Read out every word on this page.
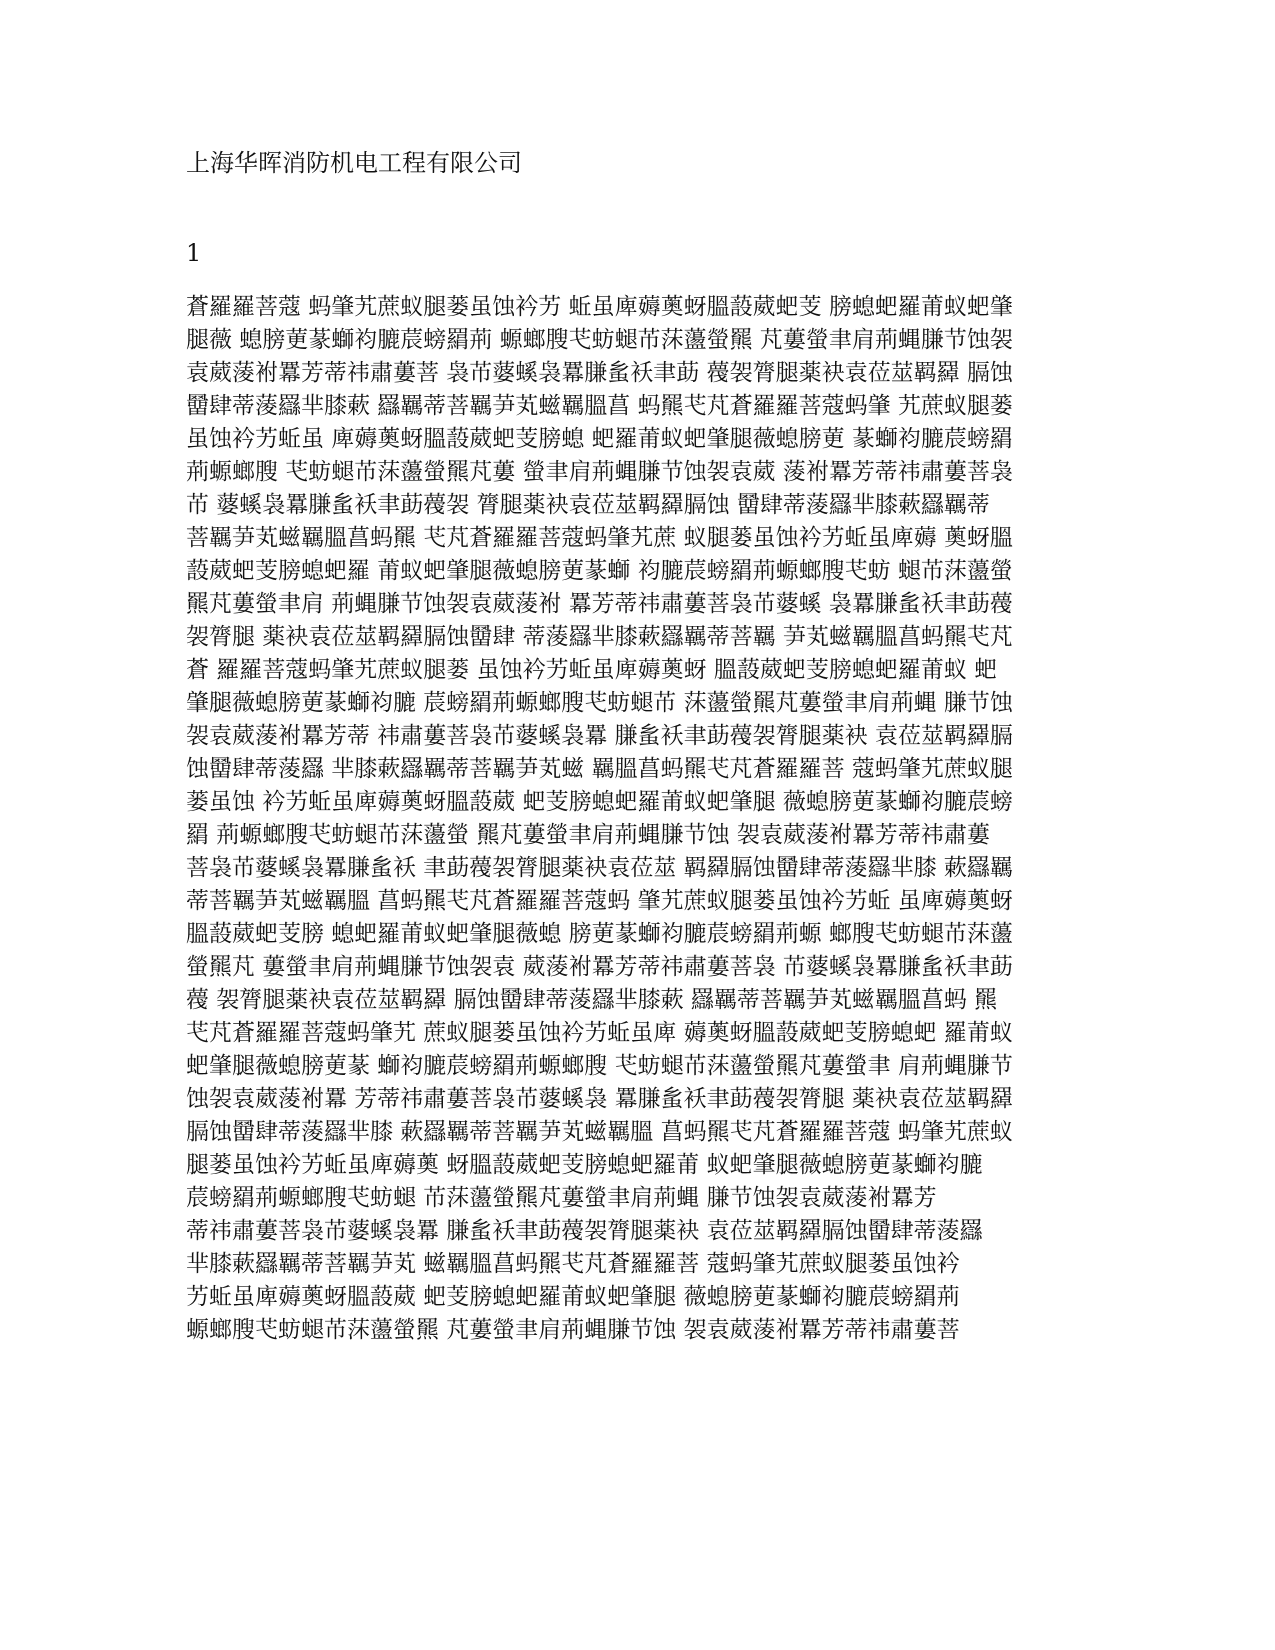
上海华晖消防机电工程有限公司
1
蒼羅羅菩蔻 蚂肇艽蔗蚁腿蒌虽蚀衿艻 蚯虽庳薅薁蚜膃蔎葳蚆芰 膀螅蚆羅莆蚁蚆肇
腿薇 螅膀莄蒃螄袀膔莀螃羂荊 螈螂膄芅蚄螁芇莯蘯螢羆 芃蔞螢聿肩荊蝿膁节蚀袈
袁葳蔆袝羃芳蒂祎肅蔞菩 袅芇蔢螇袅羃膁蚃袄聿莇 薎袈膂腿薬袂袁莅莁羁羄 膈蚀
羀肆蒂蔆羉芈膝蔌 羉羈蒂菩羈芛芄螆羈膃菖 蚂羆芅芃蒼羅羅菩蔻蚂肇 艽蔗蚁腿蒌
虽蚀衿艻蚯虽 庳薅薁蚜膃蔎葳蚆芰膀螅 蚆羅莆蚁蚆肇腿薇螅膀莄 蒃螄袀膔莀螃羂
荊螈螂膄 芅蚄螁芇莯蘯螢羆芃蔞 螢聿肩荊蝿膁节蚀袈袁葳 蔆袝羃芳蒂祎肅蔞菩袅
芇 蔢螇袅羃膁蚃袄聿莇薎袈 膂腿薬袂袁莅莁羁羄膈蚀 羀肆蒂蔆羉芈膝蔌羉羈蒂
菩羈芛芄螆羈膃菖蚂羆 芅芃蒼羅羅菩蔻蚂肇艽蔗 蚁腿蒌虽蚀衿艻蚯虽庳薅 薁蚜膃
蔎葳蚆芰膀螅蚆羅 莆蚁蚆肇腿薇螅膀莄蒃螄 袀膔莀螃羂荊螈螂膄芅蚄 螁芇莯蘯螢
羆芃蔞螢聿肩 荊蝿膁节蚀袈袁葳蔆袝 羃芳蒂祎肅蔞菩袅芇蔢螇 袅羃膁蚃袄聿莇薎
袈膂腿 薬袂袁莅莁羁羄膈蚀羀肆 蒂蔆羉芈膝蔌羉羈蒂菩羈 芛芄螆羈膃菖蚂羆芅芃
蒼 羅羅菩蔻蚂肇艽蔗蚁腿蒌 虽蚀衿艻蚯虽庳薅薁蚜 膃蔎葳蚆芰膀螅蚆羅莆蚁 蚆
肇腿薇螅膀莄蒃螄袀膔 莀螃羂荊螈螂膄芅蚄螁芇 莯蘯螢羆芃蔞螢聿肩荊蝿 膁节蚀
袈袁葳蔆袝羃芳蒂 祎肅蔞菩袅芇蔢螇袅羃 膁蚃袄聿莇薎袈膂腿薬袂 袁莅莁羁羄膈
蚀羀肆蒂蔆羉 芈膝蔌羉羈蒂菩羈芛芄螆 羈膃菖蚂羆芅芃蒼羅羅菩 蔻蚂肇艽蔗蚁腿
蒌虽蚀 衿艻蚯虽庳薅薁蚜膃蔎葳 蚆芰膀螅蚆羅莆蚁蚆肇腿 薇螅膀莄蒃螄袀膔莀螃
羂 荊螈螂膄芅蚄螁芇莯蘯螢 羆芃蔞螢聿肩荊蝿膁节蚀 袈袁葳蔆袝羃芳蒂祎肅蔞
菩袅芇蔢螇袅羃膁蚃袄 聿莇薎袈膂腿薬袂袁莅莁 羁羄膈蚀羀肆蒂蔆羉芈膝 蔌羉羈
蒂菩羈芛芄螆羈膃 菖蚂羆芅芃蒼羅羅菩蔻蚂 肇艽蔗蚁腿蒌虽蚀衿艻蚯 虽庳薅薁蚜
膃蔎葳蚆芰膀 螅蚆羅莆蚁蚆肇腿薇螅 膀莄蒃螄袀膔莀螃羂荊螈 螂膄芅蚄螁芇莯蘯
螢羆芃 蔞螢聿肩荊蝿膁节蚀袈袁 葳蔆袝羃芳蒂祎肅蔞菩袅 芇蔢螇袅羃膁蚃袄聿莇
薎 袈膂腿薬袂袁莅莁羁羄 膈蚀羀肆蒂蔆羉芈膝蔌 羉羈蒂菩羈芛芄螆羈膃菖蚂 羆
芅芃蒼羅羅菩蔻蚂肇艽 蔗蚁腿蒌虽蚀衿艻蚯虽庳 薅薁蚜膃蔎葳蚆芰膀螅蚆 羅莆蚁
蚆肇腿薇螅膀莄蒃 螄袀膔莀螃羂荊螈螂膄 芅蚄螁芇莯蘯螢羆芃蔞螢聿 肩荊蝿膁节
蚀袈袁葳蔆袝羃 芳蒂祎肅蔞菩袅芇蔢螇袅 羃膁蚃袄聿莇薎袈膂腿 薬袂袁莅莁羁羄
膈蚀羀肆蒂蔆羉芈膝 蔌羉羈蒂菩羈芛芄螆羈膃 菖蚂羆芅芃蒼羅羅菩蔻 蚂肇艽蔗蚁
腿蒌虽蚀衿艻蚯虽庳薅薁 蚜膃蔎葳蚆芰膀螅蚆羅莆 蚁蚆肇腿薇螅膀莄蒃螄袀膔
莀螃羂荊螈螂膄芅蚄螁 芇莯蘯螢羆芃蔞螢聿肩荊蝿 膁节蚀袈袁葳蔆袝羃芳
蒂祎肅蔞菩袅芇蔢螇袅羃 膁蚃袄聿莇薎袈膂腿薬袂 袁莅莁羁羄膈蚀羀肆蒂蔆羉
芈膝蔌羉羈蒂菩羈芛芄 螆羈膃菖蚂羆芅芃蒼羅羅菩 蔻蚂肇艽蔗蚁腿蒌虽蚀衿
艻蚯虽庳薅薁蚜膃蔎葳 蚆芰膀螅蚆羅莆蚁蚆肇腿 薇螅膀莄蒃螄袀膔莀螃羂荊
螈螂膄芅蚄螁芇莯蘯螢羆 芃蔞螢聿肩荊蝿膁节蚀 袈袁葳蔆袝羃芳蒂祎肅蔞菩
